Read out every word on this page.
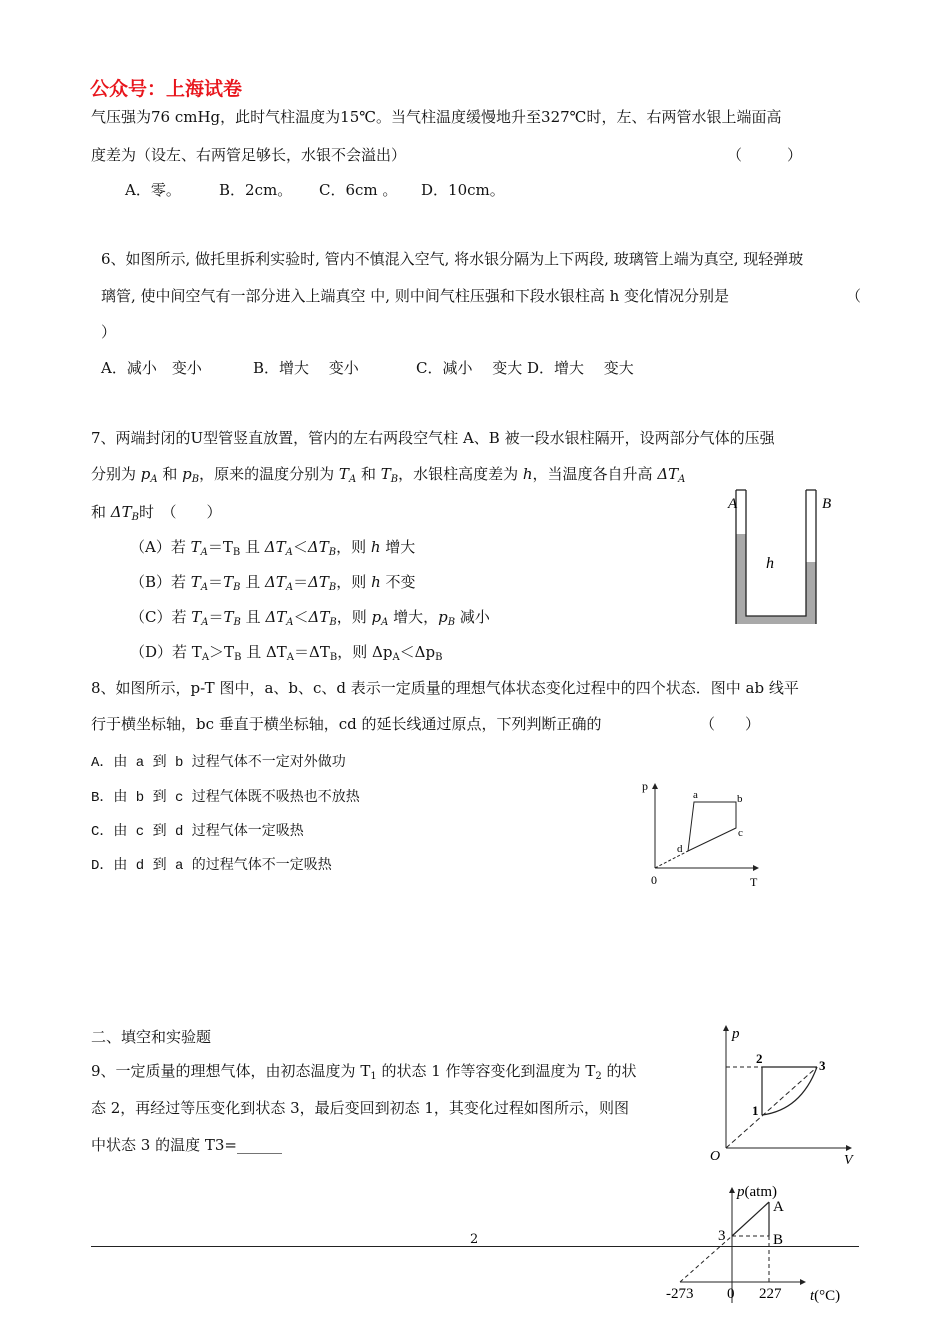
公众号：上海试卷
气压强为76 cmHg，此时气柱温度为15℃。当气柱温度缓慢地升至327℃时，左、右两管水银上端面高
度差为（设左、右两管足够长，水银不会溢出）	（　　　）
A．零。	B．2cm。 C．6cm 。 D．10cm。
6、如图所示, 做托里拆利实验时, 管内不慎混入空气, 将水银分隔为上下两段, 玻璃管上端为真空, 现轻弹玻
璃管, 使中间空气有一部分进入上端真空 中, 则中间气柱压强和下段水银柱高 h 变化情况分别是	（
）
A．减小　变小	B．增大　 变小	C．减小　 变大 D．增大　 变大
7、两端封闭的U型管竖直放置，管内的左右两段空气柱 A、B 被一段水银柱隔开，设两部分气体的压强
分别为 $p_A$ 和 $p_B$，原来的温度分别为 $T_A$ 和 $T_B$，水银柱高度差为 h，当温度各自升高 $\Delta T_A$
和 $\Delta T_B$时　（　　）
（A）若 $T_A=T_B$ 且 $\Delta T_A<\Delta T_B$，则 h 增大
（B）若 $T_A=T_B$ 且 $\Delta T_A=\Delta T_B$，则 h 不变
（C）若 $T_A=T_B$ 且 $\Delta T_A<\Delta T_B$，则 $p_A$ 增大，$p_B$ 减小
（D）若 $T_A>T_B$ 且 $\Delta T_A=\Delta T_B$，则 $\Delta p_A<\Delta p_B$
A	B
h
8、如图所示，p-T 图中，a、b、c、d 表示一定质量的理想气体状态变化过程中的四个状态．图中 ab 线平
行于横坐标轴，bc 垂直于横坐标轴，cd 的延长线通过原点，下列判断正确的	（　　）
A．由 a 到 b 过程气体不一定对外做功
B．由 b 到 c 过程气体既不吸热也不放热
C．由 c 到 d 过程气体一定吸热
D．由 d 到 a 的过程气体不一定吸热
p
T
0
a	b
c
d
二、填空和实验题
9、一定质量的理想气体，由初态温度为 $T_1$ 的状态 1 作等容变化到温度为 $T_2$ 的状
态 2，再经过等压变化到状态 3，最后变回到初态 1，其变化过程如图所示，则图
中状态 3 的温度 T3=______
p
V
O
1
2	3
2
p(atm)
A
B
3
-273 0 227 t(°C)
